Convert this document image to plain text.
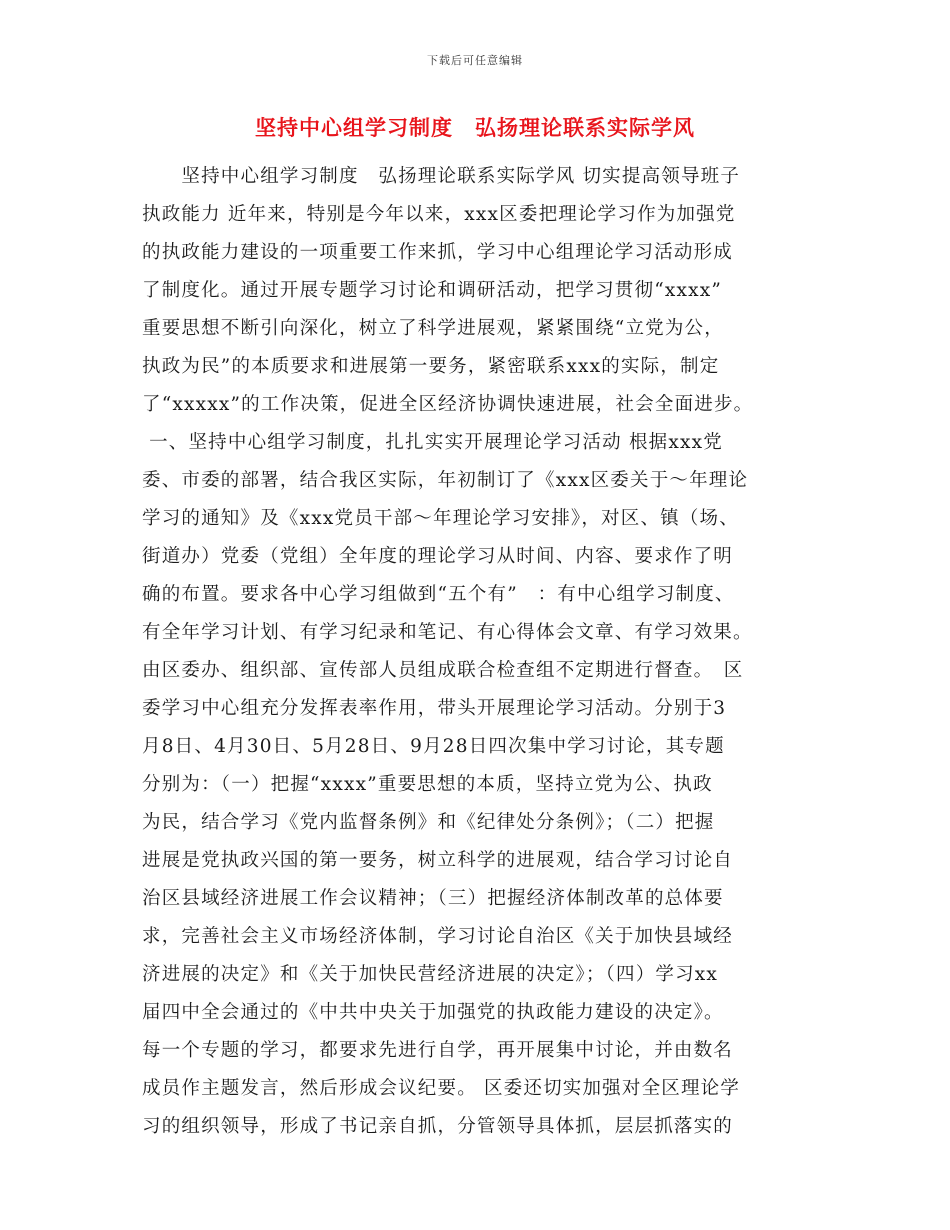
下载后可任意编辑
坚持中心组学习制度　弘扬理论联系实际学风
　　坚持中心组学习制度　弘扬理论联系实际学风 切实提高领导班子
执政能力 近年来，特别是今年以来，xxx区委把理论学习作为加强党
的执政能力建设的一项重要工作来抓，学习中心组理论学习活动形成
了制度化。通过开展专题学习讨论和调研活动，把学习贯彻“xxxx”
重要思想不断引向深化，树立了科学进展观，紧紧围绕“立党为公，
执政为民”的本质要求和进展第一要务，紧密联系xxx的实际，制定
了“xxxxx”的工作决策，促进全区经济协调快速进展，社会全面进步。
一、坚持中心组学习制度，扎扎实实开展理论学习活动 根据xxx党
委、市委的部署，结合我区实际，年初制订了《xxx区委关于～年理论
学习的通知》及《xxx党员干部～年理论学习安排》，对区、镇（场、
街道办）党委（党组）全年度的理论学习从时间、内容、要求作了明
确的布置。要求各中心学习组做到“五个有”　：有中心组学习制度、
有全年学习计划、有学习纪录和笔记、有心得体会文章、有学习效果。
由区委办、组织部、宣传部人员组成联合检查组不定期进行督查。　区
委学习中心组充分发挥表率作用，带头开展理论学习活动。分别于3
月8日、4月30日、5月28日、9月28日四次集中学习讨论，其专题
分别为：（一）把握“xxxx”重要思想的本质，坚持立党为公、执政
为民，结合学习《党内监督条例》和《纪律处分条例》；（二）把握
进展是党执政兴国的第一要务，树立科学的进展观，结合学习讨论自
治区县域经济进展工作会议精神；（三）把握经济体制改革的总体要
求，完善社会主义市场经济体制，学习讨论自治区《关于加快县域经
济进展的决定》和《关于加快民营经济进展的决定》；（四）学习xx
届四中全会通过的《中共中央关于加强党的执政能力建设的决定》。
每一个专题的学习，都要求先进行自学，再开展集中讨论，并由数名
成员作主题发言，然后形成会议纪要。 区委还切实加强对全区理论学
习的组织领导，形成了书记亲自抓，分管领导具体抓，层层抓落实的
